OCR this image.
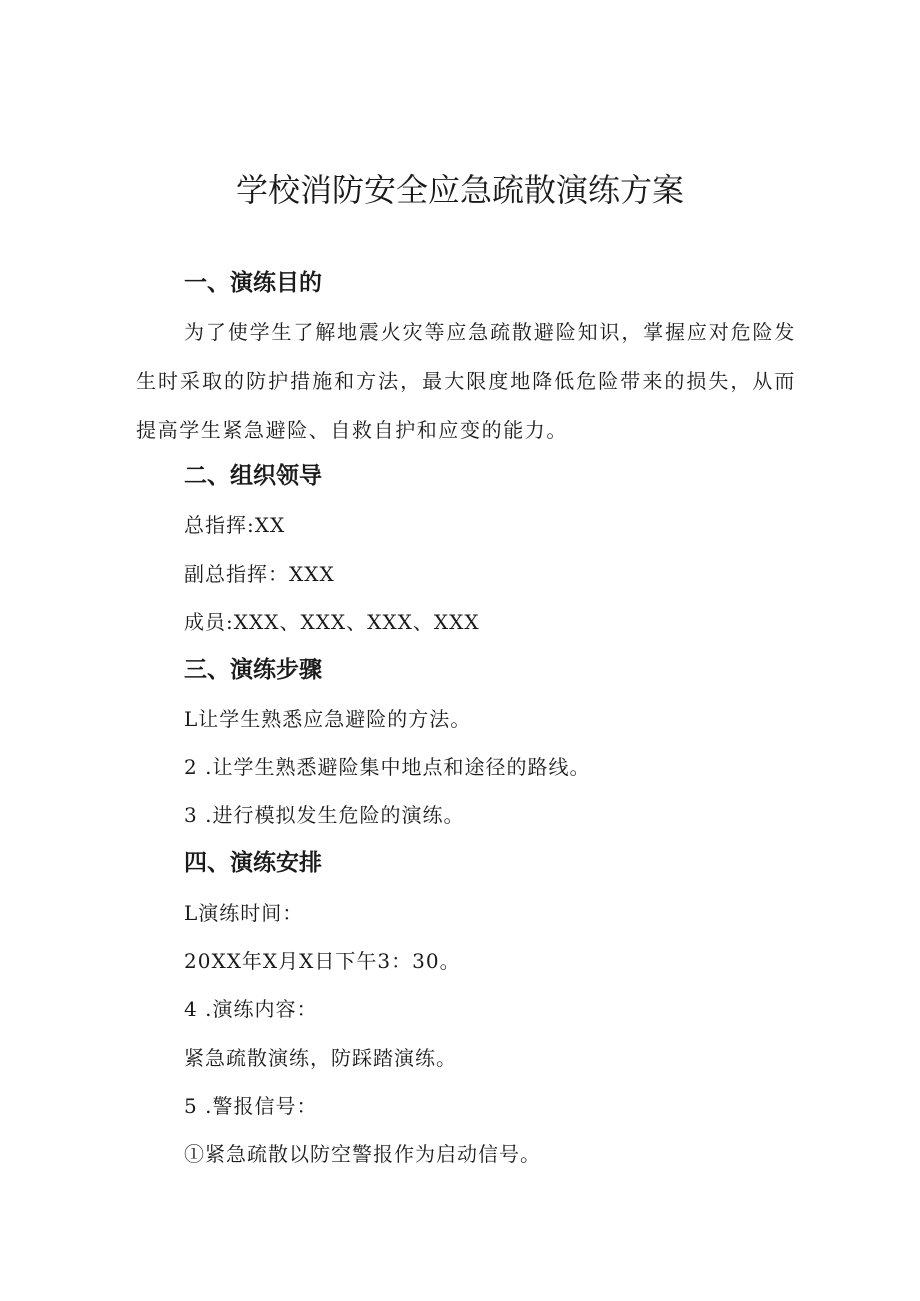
学校消防安全应急疏散演练方案
一、演练目的

为了使学生了解地震火灾等应急疏散避险知识，掌握应对危险发生时采取的防护措施和方法，最大限度地降低危险带来的损失，从而提高学生紧急避险、自救自护和应变的能力。

二、组织领导
总指挥:XX
副总指挥：XXX
成员:XXX、XXX、XXX、XXX
三、演练步骤
L让学生熟悉应急避险的方法。
2 .让学生熟悉避险集中地点和途径的路线。
3 .进行模拟发生危险的演练。
四、演练安排
L演练时间：
20XX年X月X日下午3：30。
4 .演练内容：
紧急疏散演练，防踩踏演练。
5 .警报信号：
①紧急疏散以防空警报作为启动信号。
